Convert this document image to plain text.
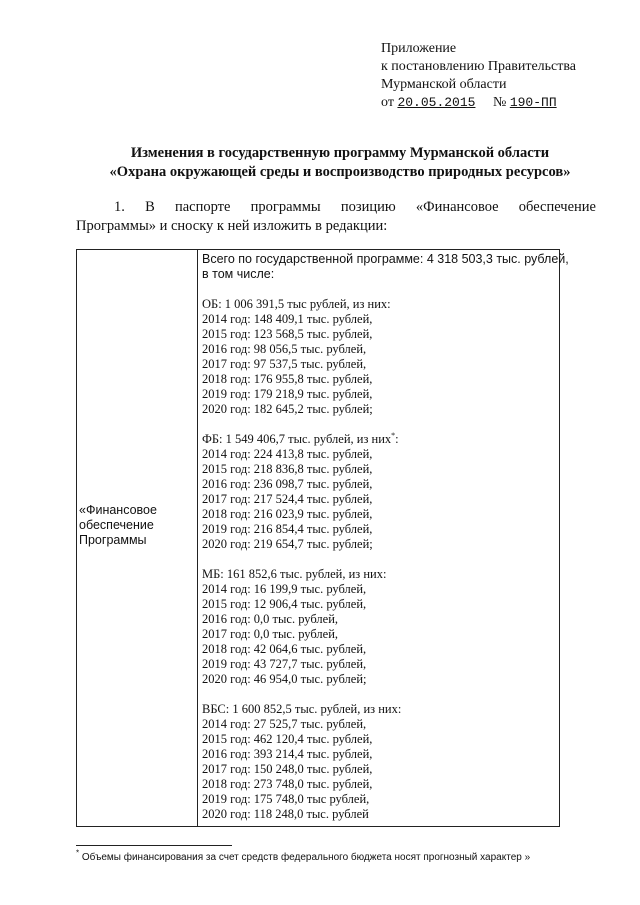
Приложение
к постановлению Правительства
Мурманской области
от 20.05.2015 № 190-ПП
Изменения в государственную программу Мурманской области
«Охрана окружающей среды и воспроизводство природных ресурсов»
1. В паспорте программы позицию «Финансовое обеспечение
Программы» и сноску к ней изложить в редакции:
«Финансовое
обеспечение
Программы
Всего по государственной программе: 4 318 503,3 тыс. рублей,
в том числе:
ОБ: 1 006 391,5 тыс рублей, из них:
2014 год: 148 409,1 тыс. рублей,
2015 год: 123 568,5 тыс. рублей,
2016 год: 98 056,5 тыс. рублей,
2017 год: 97 537,5 тыс. рублей,
2018 год: 176 955,8 тыс. рублей,
2019 год: 179 218,9 тыс. рублей,
2020 год: 182 645,2 тыс. рублей;
ФБ: 1 549 406,7 тыс. рублей, из них*:
2014 год: 224 413,8 тыс. рублей,
2015 год: 218 836,8 тыс. рублей,
2016 год: 236 098,7 тыс. рублей,
2017 год: 217 524,4 тыс. рублей,
2018 год: 216 023,9 тыс. рублей,
2019 год: 216 854,4 тыс. рублей,
2020 год: 219 654,7 тыс. рублей;
МБ: 161 852,6 тыс. рублей, из них:
2014 год: 16 199,9 тыс. рублей,
2015 год: 12 906,4 тыс. рублей,
2016 год: 0,0 тыс. рублей,
2017 год: 0,0 тыс. рублей,
2018 год: 42 064,6 тыс. рублей,
2019 год: 43 727,7 тыс. рублей,
2020 год: 46 954,0 тыс. рублей;
ВБС: 1 600 852,5 тыс. рублей, из них:
2014 год: 27 525,7 тыс. рублей,
2015 год: 462 120,4 тыс. рублей,
2016 год: 393 214,4 тыс. рублей,
2017 год: 150 248,0 тыс. рублей,
2018 год: 273 748,0 тыс. рублей,
2019 год: 175 748,0 тыс рублей,
2020 год: 118 248,0 тыс. рублей
* Объемы финансирования за счет средств федерального бюджета носят прогнозный характер »
